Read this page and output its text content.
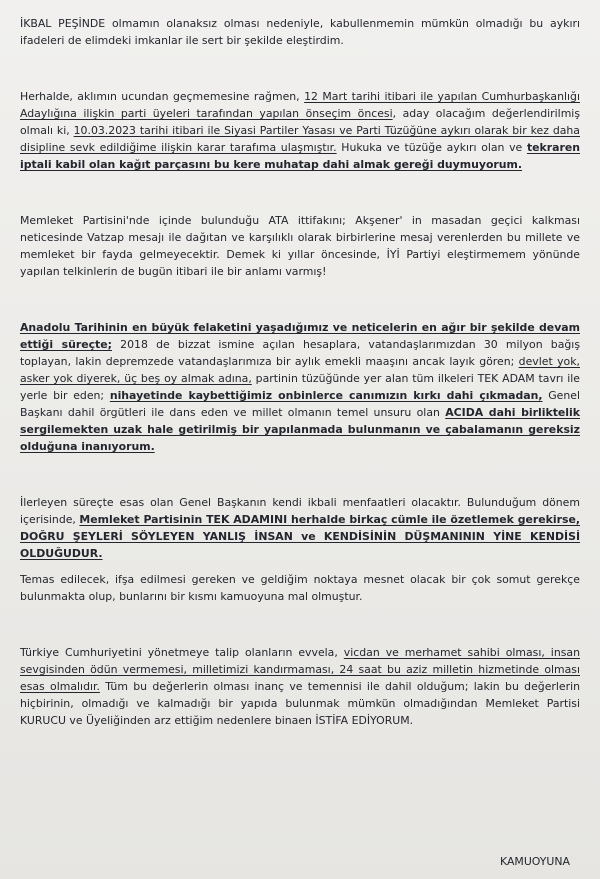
İKBAL PEŞİNDE olmamın olanaksız olması nedeniyle, kabullenmemin mümkün olmadığı bu aykırı ifadeleri de elimdeki imkanlar ile sert bir şekilde eleştirdim.

Herhalde, aklımın ucundan geçmemesine rağmen, 12 Mart tarihi itibari ile yapılan Cumhurbaşkanlığı Adaylığına ilişkin parti üyeleri tarafından yapılan önseçim öncesi, aday olacağım değerlendirilmiş olmalı ki, 10.03.2023 tarihi itibari ile Siyasi Partiler Yasası ve Parti Tüzüğüne aykırı olarak bir kez daha disipline sevk edildiğime ilişkin karar tarafıma ulaşmıştır. Hukuka ve tüzüğe aykırı olan ve tekraren iptali kabil olan kağıt parçasını bu kere muhatap dahi almak gereği duymuyorum.

Memleket Partisini'nde içinde bulunduğu ATA ittifakını; Akşener' in masadan geçici kalkması neticesinde Vatzap mesajı ile dağıtan ve karşılıklı olarak birbirlerine mesaj verenlerden bu millete ve memleket bir fayda gelmeyecektir. Demek ki yıllar öncesinde, İYİ Partiyi eleştirmemem yönünde yapılan telkinlerin de bugün itibari ile bir anlamı varmış!

Anadolu Tarihinin en büyük felaketini yaşadığımız ve neticelerin en ağır bir şekilde devam ettiği süreçte; 2018 de bizzat ismine açılan hesaplara, vatandaşlarımızdan 30 milyon bağış toplayan, lakin depremzede vatandaşlarımıza bir aylık emekli maaşını ancak layık gören; devlet yok, asker yok diyerek, üç beş oy almak adına, partinin tüzüğünde yer alan tüm ilkeleri TEK ADAM tavrı ile yerle bir eden; nihayetinde kaybettiğimiz onbinlerce canımızın kırkı dahi çıkmadan, Genel Başkanı dahil örgütleri ile dans eden ve millet olmanın temel unsuru olan ACIDA dahi birliktelik sergilemekten uzak hale getirilmiş bir yapılanmada bulunmanın ve çabalamanın gereksiz olduğuna inanıyorum.

İlerleyen süreçte esas olan Genel Başkanın kendi ikbali menfaatleri olacaktır. Bulunduğum dönem içerisinde, Memleket Partisinin TEK ADAMINI herhalde birkaç cümle ile özetlemek gerekirse, DOĞRU ŞEYLERİ SÖYLEYEN YANLIŞ İNSAN ve KENDİSİNİN DÜŞMANININ YİNE KENDİSİ OLDUĞUDUR.

Temas edilecek, ifşa edilmesi gereken ve geldiğim noktaya mesnet olacak bir çok somut gerekçe bulunmakta olup, bunlarını bir kısmı kamuoyuna mal olmuştur.

Türkiye Cumhuriyetini yönetmeye talip olanların evvela, vicdan ve merhamet sahibi olması, insan sevgisinden ödün vermemesi, milletimizi kandırmaması, 24 saat bu aziz milletin hizmetinde olması esas olmalıdır. Tüm bu değerlerin olması inanç ve temennisi ile dahil olduğum; lakin bu değerlerin hiçbirinin, olmadığı ve kalmadığı bir yapıda bulunmak mümkün olmadığından Memleket Partisi KURUCU ve Üyeliğinden arz ettiğim nedenlere binaen İSTİFA EDİYORUM.

KAMUOYUNA
